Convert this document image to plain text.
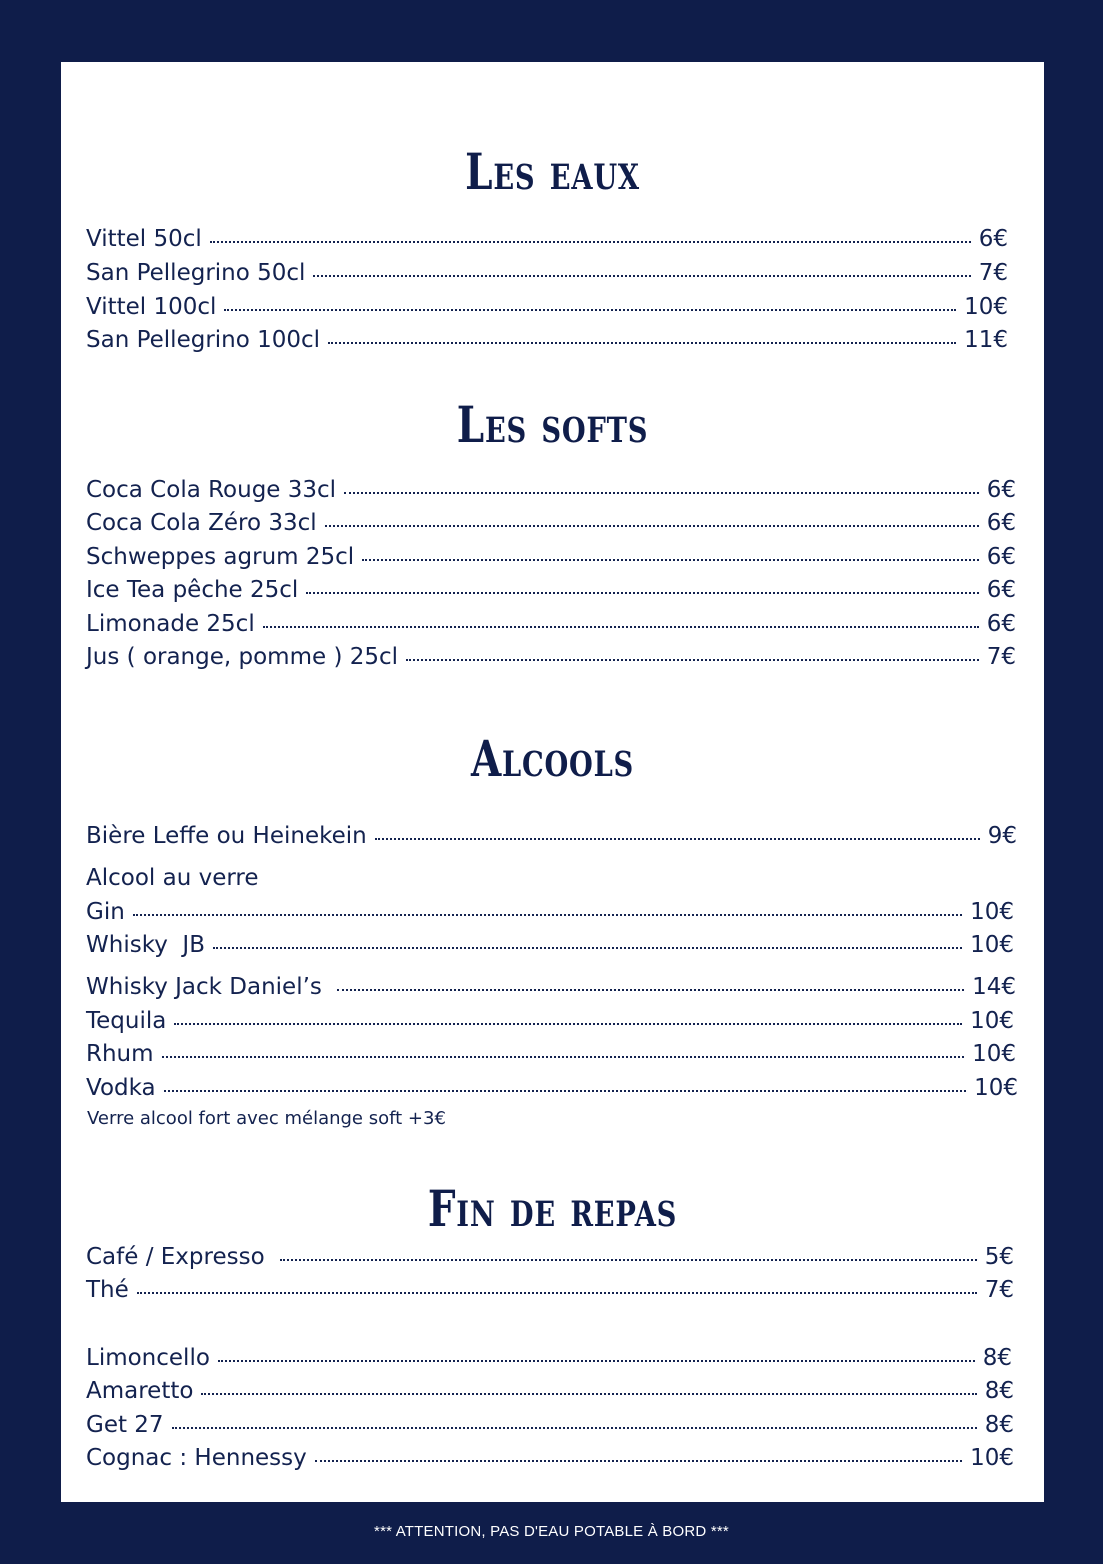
Les eaux
Vittel 50cl	6€
San Pellegrino 50cl	7€
Vittel 100cl	10€
San Pellegrino 100cl	11€
Les softs
Coca Cola Rouge 33cl	6€
Coca Cola Zéro 33cl	6€
Schweppes agrum 25cl	6€
Ice Tea pêche 25cl	6€
Limonade 25cl	6€
Jus ( orange, pomme ) 25cl	7€
Alcools
Bière Leffe ou Heinekein	9€
Alcool au verre
Gin	10€
Whisky  JB	10€
Whisky Jack Daniel’s	14€
Tequila	10€
Rhum	10€
Vodka	10€
Verre alcool fort avec mélange soft +3€
Fin de repas
Café / Expresso	5€
Thé	7€
Limoncello	8€
Amaretto	8€
Get 27	8€
Cognac : Hennessy	10€
*** ATTENTION, PAS D'EAU POTABLE À BORD ***
